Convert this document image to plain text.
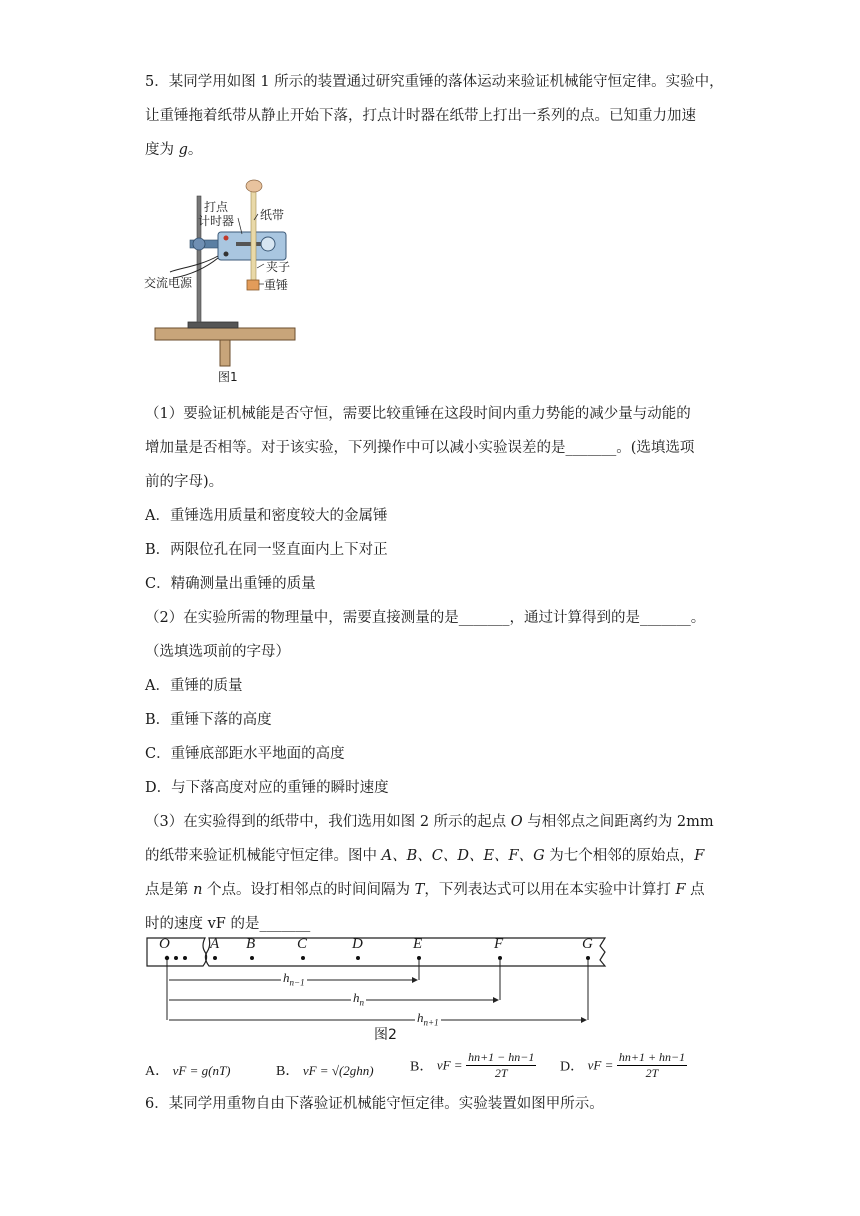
5．某同学用如图 1 所示的装置通过研究重锤的落体运动来验证机械能守恒定律。实验中，
让重锤拖着纸带从静止开始下落，打点计时器在纸带上打出一系列的点。已知重力加速
度为 g。
打点
计时器 纸带
夹子
交流电源	重锤
图1
（1）要验证机械能是否守恒，需要比较重锤在这段时间内重力势能的减少量与动能的
增加量是否相等。对于该实验，下列操作中可以减小实验误差的是_______。(选填选项
前的字母)。
A．重锤选用质量和密度较大的金属锤
B．两限位孔在同一竖直面内上下对正
C．精确测量出重锤的质量
（2）在实验所需的物理量中，需要直接测量的是_______，通过计算得到的是_______。
（选填选项前的字母）
A．重锤的质量
B．重锤下落的高度
C．重锤底部距水平地面的高度
D．与下落高度对应的重锤的瞬时速度
（3）在实验得到的纸带中，我们选用如图 2 所示的起点 O 与相邻点之间距离约为 2mm
的纸带来验证机械能守恒定律。图中 A、B、C、D、E、F、G 为七个相邻的原始点，F
点是第 n 个点。设打相邻点的时间间隔为 T，下列表达式可以用在本实验中计算打 F 点
时的速度 vF 的是_______
O	A B	C	D	E	F	G
$h_{n-1}$
$h_n$
$h_{n+1}$
图2
A． vF = g(nT)	B． vF = √(2ghn)	B． vF = $\frac{hn+1 - hn-1}{2T}$ D． vF = $\frac{hn+1 + hn-1}{2T}$
6．某同学用重物自由下落验证机械能守恒定律。实验装置如图甲所示。
